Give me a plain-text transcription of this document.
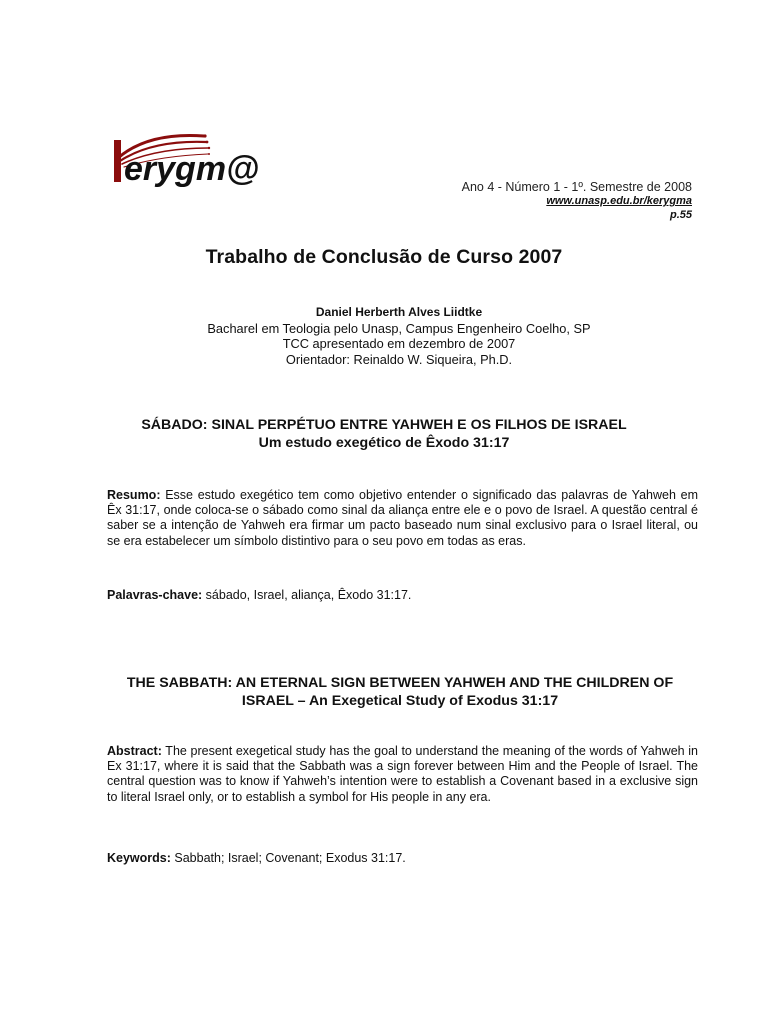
erygm@	Ano 4 - Número 1 - 1º. Semestre de 2008
www.unasp.edu.br/kerygma
p.55
Trabalho de Conclusão de Curso 2007
Daniel Herberth Alves Liidtke
Bacharel em Teologia pelo Unasp, Campus Engenheiro Coelho, SP
TCC apresentado em dezembro de 2007
Orientador: Reinaldo W. Siqueira, Ph.D.
SÁBADO: SINAL PERPÉTUO ENTRE YAHWEH E OS FILHOS DE ISRAEL
Um estudo exegético de Êxodo 31:17
Resumo: Esse estudo exegético tem como objetivo entender o significado das palavras de Yahweh em Êx 31:17, onde coloca-se o sábado como sinal da aliança entre ele e o povo de Israel. A questão central é saber se a intenção de Yahweh era firmar um pacto baseado num sinal exclusivo para o Israel literal, ou se era estabelecer um símbolo distintivo para o seu povo em todas as eras.
Palavras-chave: sábado, Israel, aliança, Êxodo 31:17.
THE SABBATH: AN ETERNAL SIGN BETWEEN YAHWEH AND THE CHILDREN OF ISRAEL – An Exegetical Study of Exodus 31:17
Abstract: The present exegetical study has the goal to understand the meaning of the words of Yahweh in Ex 31:17, where it is said that the Sabbath was a sign forever between Him and the People of Israel. The central question was to know if Yahweh’s intention were to establish a Covenant based in a exclusive sign to literal Israel only, or to establish a symbol for His people in any era.
Keywords: Sabbath; Israel; Covenant; Exodus 31:17.
